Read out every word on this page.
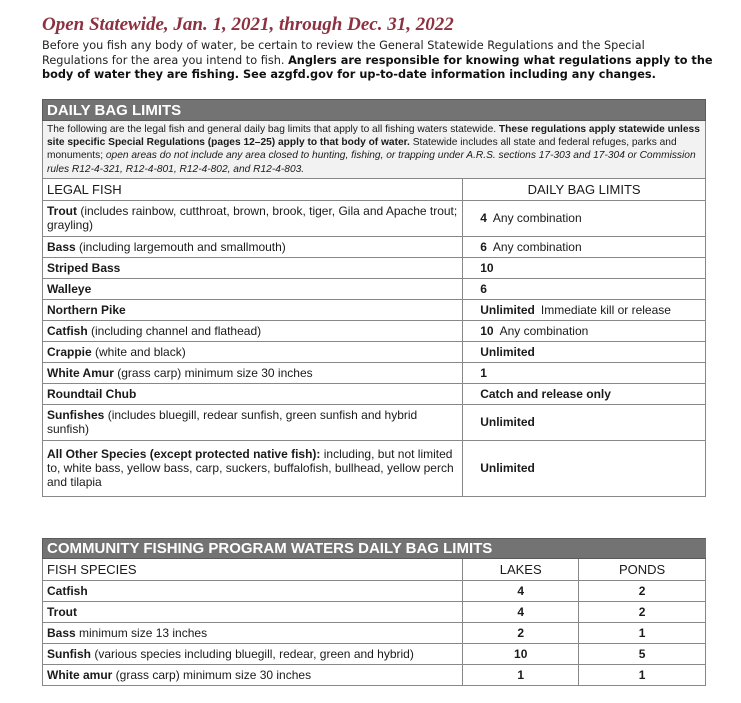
Open Statewide, Jan. 1, 2021, through Dec. 31, 2022
Before you fish any body of water, be certain to review the General Statewide Regulations and the Special Regulations for the area you intend to fish. Anglers are responsible for knowing what regulations apply to the body of water they are fishing. See azgfd.gov for up-to-date information including any changes.
DAILY BAG LIMITS	
The following are the legal fish and general daily bag limits that apply to all fishing waters statewide. These regulations apply statewide unless site specific Special Regulations (pages 12–25) apply to that body of water. Statewide includes all state and federal refuges, parks and monuments; open areas do not include any area closed to hunting, fishing, or trapping under A.R.S. sections 17-303 and 17-304 or Commission rules R12-4-321, R12-4-801, R12-4-802, and R12-4-803.	
LEGAL FISH	DAILY BAG LIMITS
Trout (includes rainbow, cutthroat, brown, brook, tiger, Gila and Apache trout; grayling)	4 Any combination
Bass (including largemouth and smallmouth)	6 Any combination
Striped Bass	10
Walleye	6
Northern Pike	Unlimited Immediate kill or release
Catfish (including channel and flathead)	10 Any combination
Crappie (white and black)	Unlimited
White Amur (grass carp) minimum size 30 inches	1
Roundtail Chub	Catch and release only
Sunfishes (includes bluegill, redear sunfish, green sunfish and hybrid sunfish)	Unlimited
All Other Species (except protected native fish): including, but not limited to, white bass, yellow bass, carp, suckers, buffalofish, bullhead, yellow perch and tilapia	Unlimited
COMMUNITY FISHING PROGRAM WATERS DAILY BAG LIMITS		
FISH SPECIES	LAKES	PONDS
Catfish	4	2
Trout	4	2
Bass minimum size 13 inches	2	1
Sunfish (various species including bluegill, redear, green and hybrid)	10	5
White amur (grass carp) minimum size 30 inches	1	1
